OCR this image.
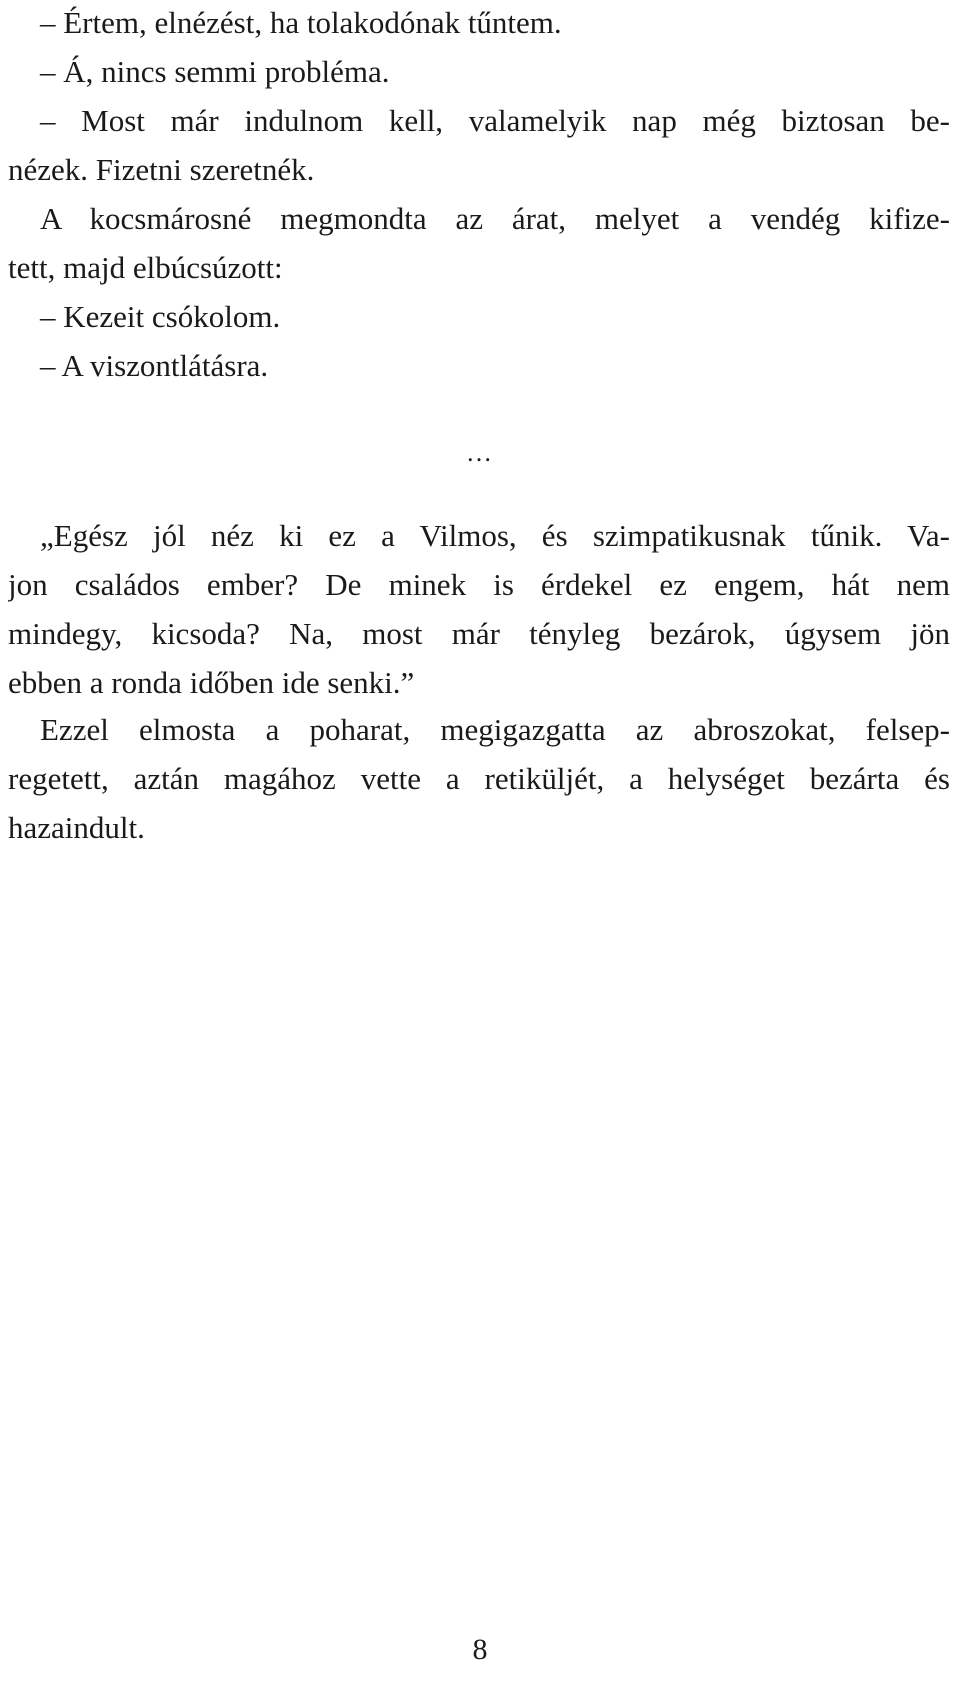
– Értem, elnézést, ha tolakodónak tűntem.
– Á, nincs semmi probléma.
– Most már indulnom kell, valamelyik nap még biztosan be-
nézek. Fizetni szeretnék.
A kocsmárosné megmondta az árat, melyet a vendég kifize-
tett, majd elbúcsúzott:
– Kezeit csókolom.
– A viszontlátásra.
…
„Egész jól néz ki ez a Vilmos, és szimpatikusnak tűnik. Va-
jon családos ember? De minek is érdekel ez engem, hát nem
mindegy, kicsoda? Na, most már tényleg bezárok, úgysem jön
ebben a ronda időben ide senki.”
Ezzel elmosta a poharat, megigazgatta az abroszokat, felsep-
regetett, aztán magához vette a retiküljét, a helységet bezárta és
hazaindult.
8
